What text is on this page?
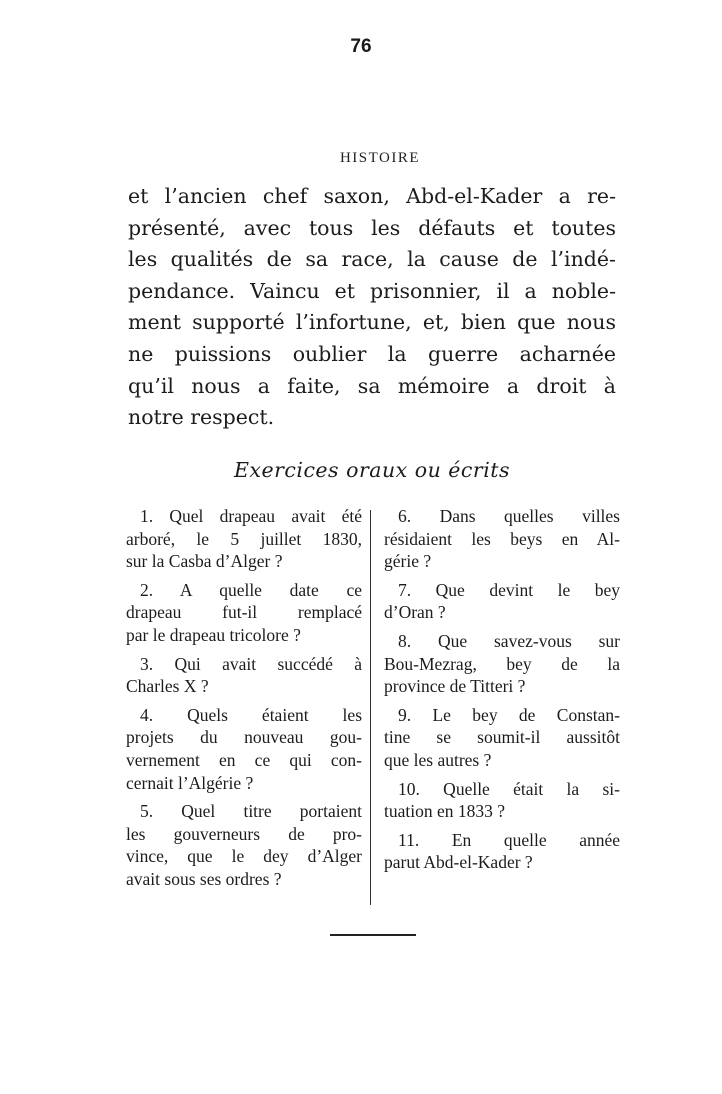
76
HISTOIRE
et l’ancien chef saxon, Abd-el-Kader a re-
présenté, avec tous les défauts et toutes
les qualités de sa race, la cause de l’indé-
pendance. Vaincu et prisonnier, il a noble-
ment supporté l’infortune, et, bien que nous
ne puissions oublier la guerre acharnée
qu’il nous a faite, sa mémoire a droit à
notre respect.
Exercices oraux ou écrits
1. Quel drapeau avait été
arboré, le 5 juillet 1830,
sur la Casba d’Alger ?
2. A quelle date ce
drapeau fut-il remplacé
par le drapeau tricolore ?
3. Qui avait succédé à
Charles X ?
4. Quels étaient les
projets du nouveau gou-
vernement en ce qui con-
cernait l’Algérie ?
5. Quel titre portaient
les gouverneurs de pro-
vince, que le dey d’Alger
avait sous ses ordres ?
6. Dans quelles villes
résidaient les beys en Al-
gérie ?
7. Que devint le bey
d’Oran ?
8. Que savez-vous sur
Bou-Mezrag, bey de la
province de Titteri ?
9. Le bey de Constan-
tine se soumit-il aussitôt
que les autres ?
10. Quelle était la si-
tuation en 1833 ?
11. En quelle année
parut Abd-el-Kader ?
